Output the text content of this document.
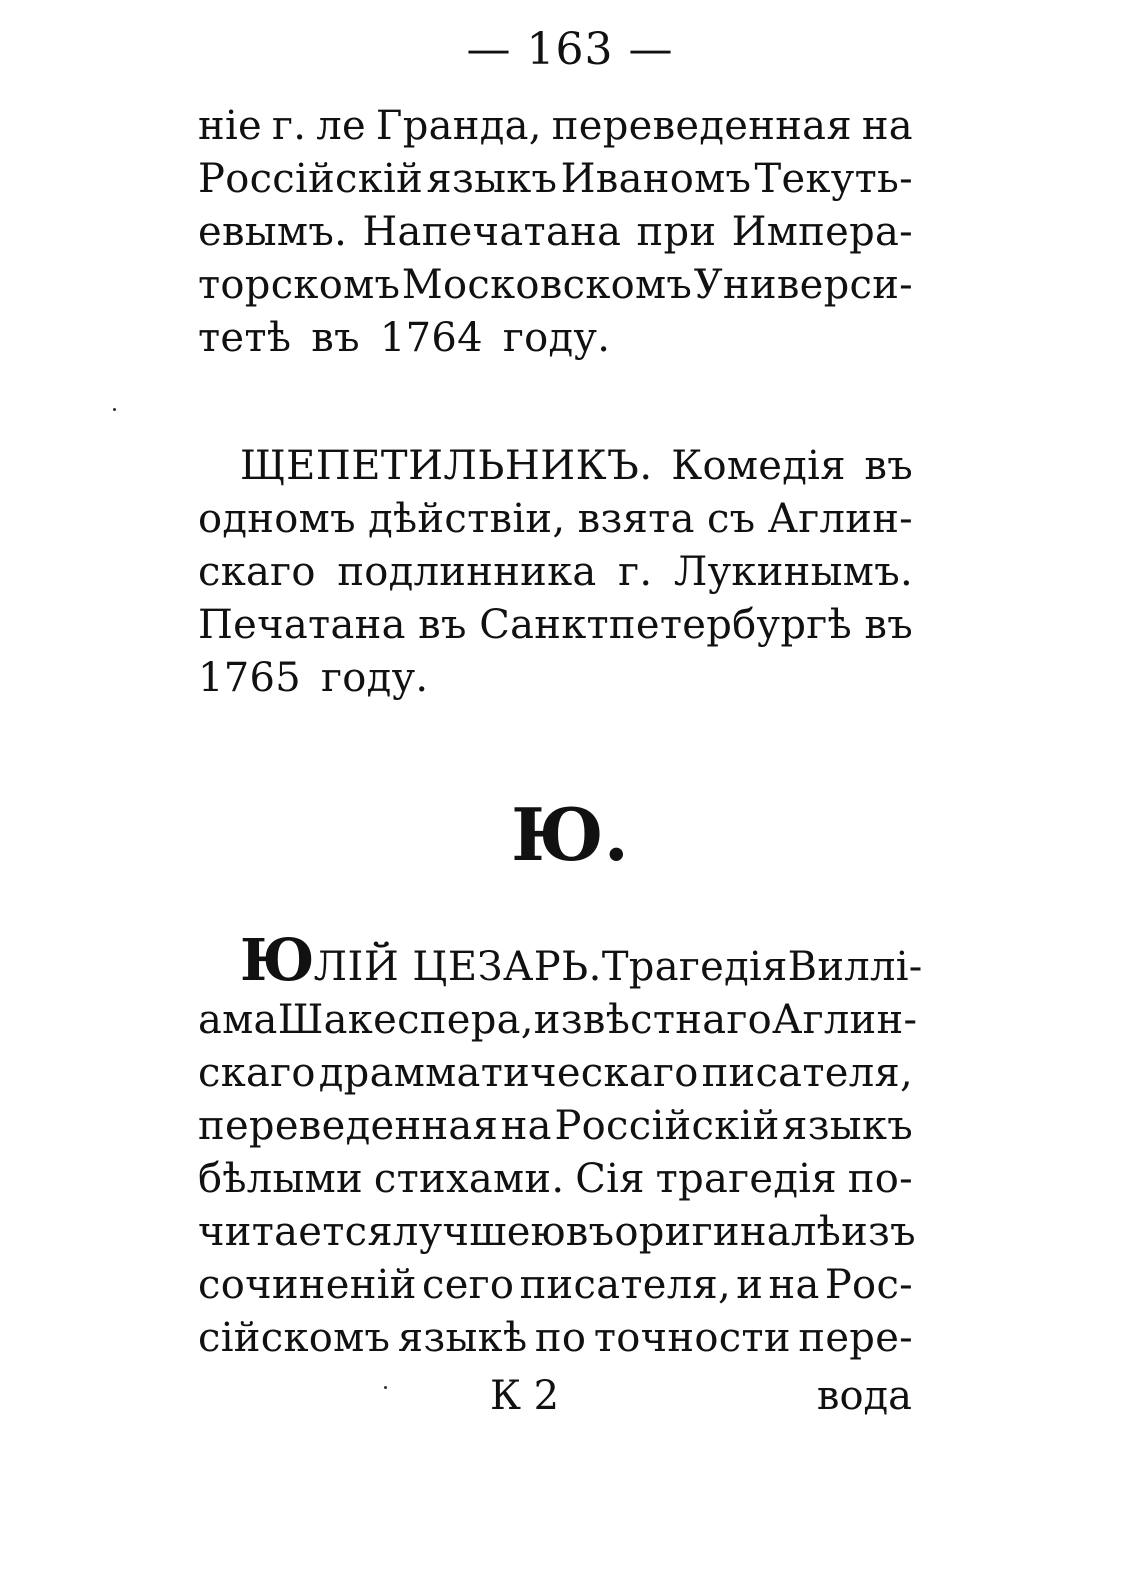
— 163 —
ніе г. ле Гранда, переведенная на
Россійскій языкъ Иваномъ Текуть-
евымъ. Напечатана при Импера-
торскомъ Московскомъ Универси-
тетѣ въ 1764 году.
ЩЕПЕТИЛЬНИКЪ. Комедія въ
одномъ дѣйствіи, взята съ Аглин-
скаго подлинника г. Лукинымъ.
Печатана въ Санктпетербургѣ въ
1765 году.
Ю.
ЮЛІЙ ЦЕЗАРЬ. Трагедія Виллі-
ама Шакеспера, извѣстнаго Аглин-
скаго драмматическаго писателя,
переведенная на Россійскій языкъ
бѣлыми стихами. Сія трагедія по-
читается лучшею въ оригиналѣ изъ
сочиненій сего писателя, и на Рос-
сійскомъ языкѣ по точности пере-
К 2	вода
